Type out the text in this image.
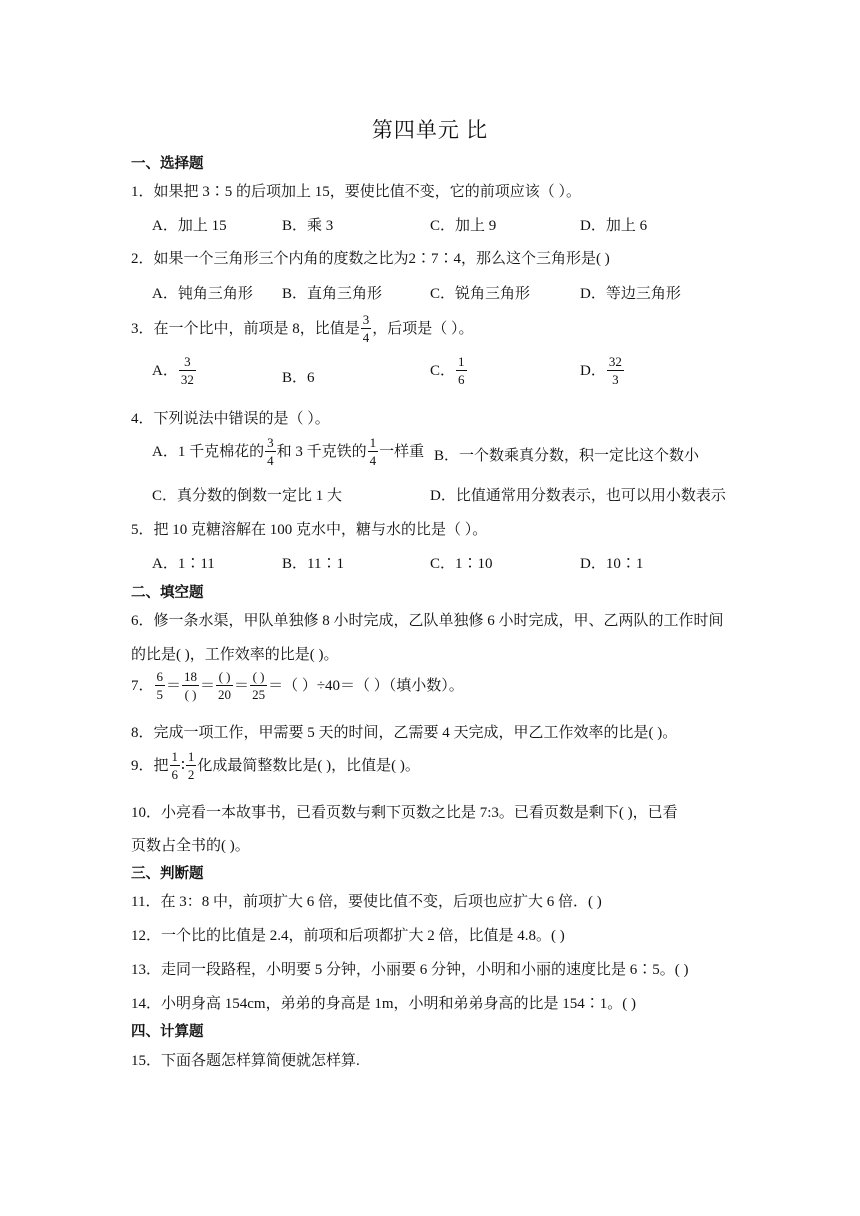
第四单元 比
一、选择题
1．如果把 3∶5 的后项加上 15，要使比值不变，它的前项应该（ ）。
A．加上 15	B．乘 3	C．加上 9	D．加上 6
2．如果一个三角形三个内角的度数之比为2∶7∶4，那么这个三角形是( )
A．钝角三角形 B．直角三角形	C．锐角三角形	D．等边三角形
3．在一个比中，前项是 8，比值是 $\frac{3}{4}$ ，后项是（ ）。
A． $\frac{3}{32}$	B．6	C． $\frac{1}{6}$	D． $\frac{32}{3}$
4．下列说法中错误的是（ ）。
A．1 千克棉花的 $\frac{3}{4}$ 和 3 千克铁的 $\frac{1}{4}$ 一样重 B．一个数乘真分数，积一定比这个数小
C．真分数的倒数一定比 1 大	D．比值通常用分数表示，也可以用小数表示
5．把 10 克糖溶解在 100 克水中，糖与水的比是（ ）。
A．1∶11	B．11∶1	C．1∶10	D．10∶1
二、填空题
6．修一条水渠，甲队单独修 8 小时完成，乙队单独修 6 小时完成，甲、乙两队的工作时间
的比是( )，工作效率的比是( )。
7． $\frac{6}{5} = \frac{18}{( )} = \frac{( )}{20} = \frac{( )}{25}$ ＝（ ）÷40＝（ ）（填小数）。
8．完成一项工作，甲需要 5 天的时间，乙需要 4 天完成，甲乙工作效率的比是( )。
9．把 $\frac{1}{6}$ ∶ $\frac{1}{2}$ 化成最简整数比是( )，比值是( )。
10．小亮看一本故事书，已看页数与剩下页数之比是 7:3。已看页数是剩下( )，已看
页数占全书的( )。
三、判断题
11．在 3：8 中，前项扩大 6 倍，要使比值不变，后项也应扩大 6 倍．( )
12．一个比的比值是 2.4，前项和后项都扩大 2 倍，比值是 4.8。( )
13．走同一段路程，小明要 5 分钟，小丽要 6 分钟，小明和小丽的速度比是 6∶5。( )
14．小明身高 154cm，弟弟的身高是 1m，小明和弟弟身高的比是 154∶1。( )
四、计算题
15．下面各题怎样算简便就怎样算.
